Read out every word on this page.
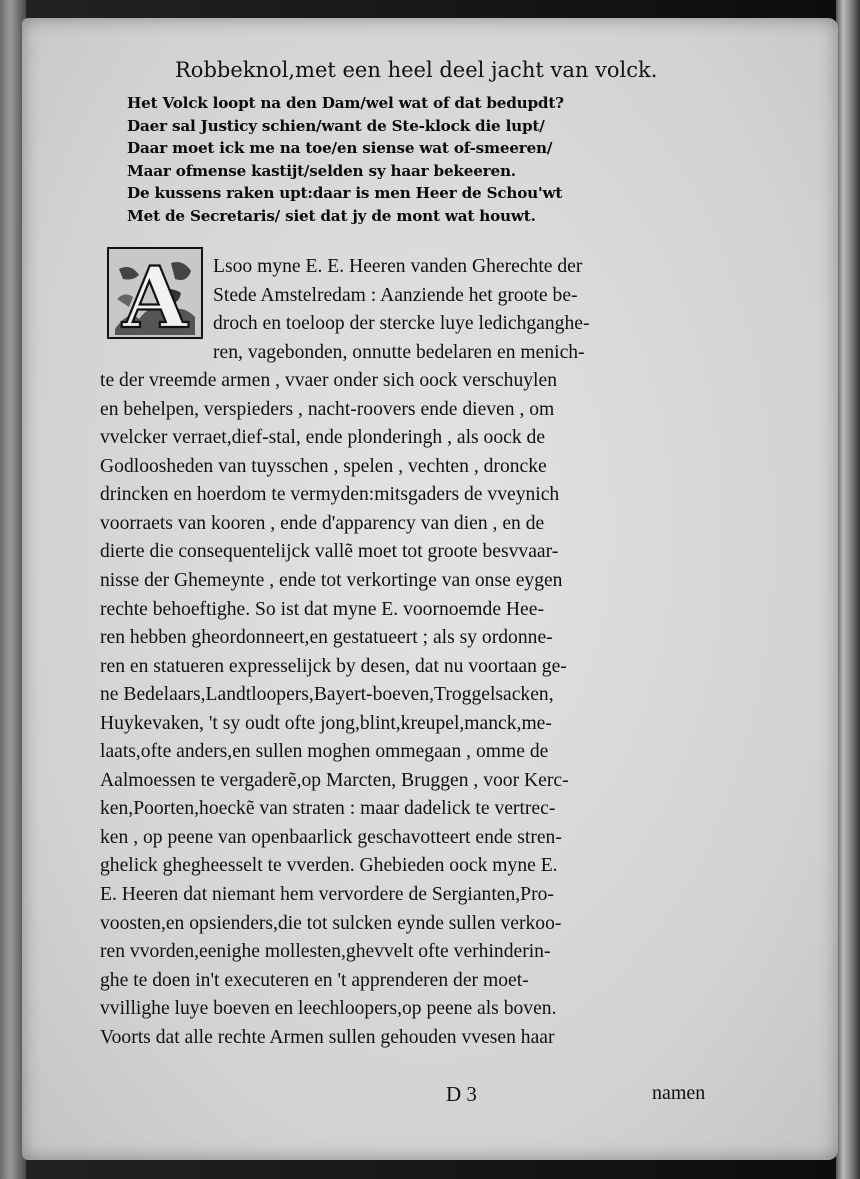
Robbeknol,met een heel deel jacht van volck.
Het Volck loopt na den Dam/wel wat of dat bedupdt?
Daer sal Justicy schien/want de Ste-klock die lupt/
Daar moet ick me na toe/en siense wat of-smeeren/
Maar ofmense kastijt/selden sy haar bekeeren.
De kussens raken upt:daar is men Heer de Schou'wt
Met de Secretaris/ siet dat jy de mont wat houwt.
Lsoo myne E. E. Heeren vanden Gherechte der
Stede Amstelredam : Aanziende het groote be-
droch en toeloop der stercke luye ledichganghe-
ren, vagebonden, onnutte bedelaren en menich-
te der vreemde armen , vvaer onder sich oock verschuylen
en behelpen, verspieders , nacht-roovers ende dieven , om
vvelcker verraet,dief-stal, ende plonderingh , als oock de
Godloosheden van tuysschen , spelen , vechten , droncke
drincken en hoerdom te vermyden:mitsgaders de vveynich
voorraets van kooren , ende d'apparency van dien , en de
dierte die consequentelijck vallẽ moet tot groote besvvaar-
nisse der Ghemeynte , ende tot verkortinge van onse eygen
rechte behoeftighe. So ist dat myne E. voornoemde Hee-
ren hebben gheordonneert,en gestatueert ; als sy ordonne-
ren en statueren expresselijck by desen, dat nu voortaan ge-
ne Bedelaars,Landtloopers,Bayert-boeven,Troggelsacken,
Huykevaken, 't sy oudt ofte jong,blint,kreupel,manck,me-
laats,ofte anders,en sullen moghen ommegaan , omme de
Aalmoessen te vergaderẽ,op Marcten, Bruggen , voor Kerc-
ken,Poorten,hoeckẽ van straten : maar dadelick te vertrec-
ken , op peene van openbaarlick geschavotteert ende stren-
ghelick ghegheesselt te vverden. Ghebieden oock myne E.
E. Heeren dat niemant hem vervordere de Sergianten,Pro-
voosten,en opsienders,die tot sulcken eynde sullen verkoo-
ren vvorden,eenighe mollesten,ghevvelt ofte verhinderin-
ghe te doen in't executeren en 't apprenderen der moet-
vvillighe luye boeven en leechloopers,op peene als boven.
Voorts dat alle rechte Armen sullen gehouden vvesen haar
A
D 3	namen
